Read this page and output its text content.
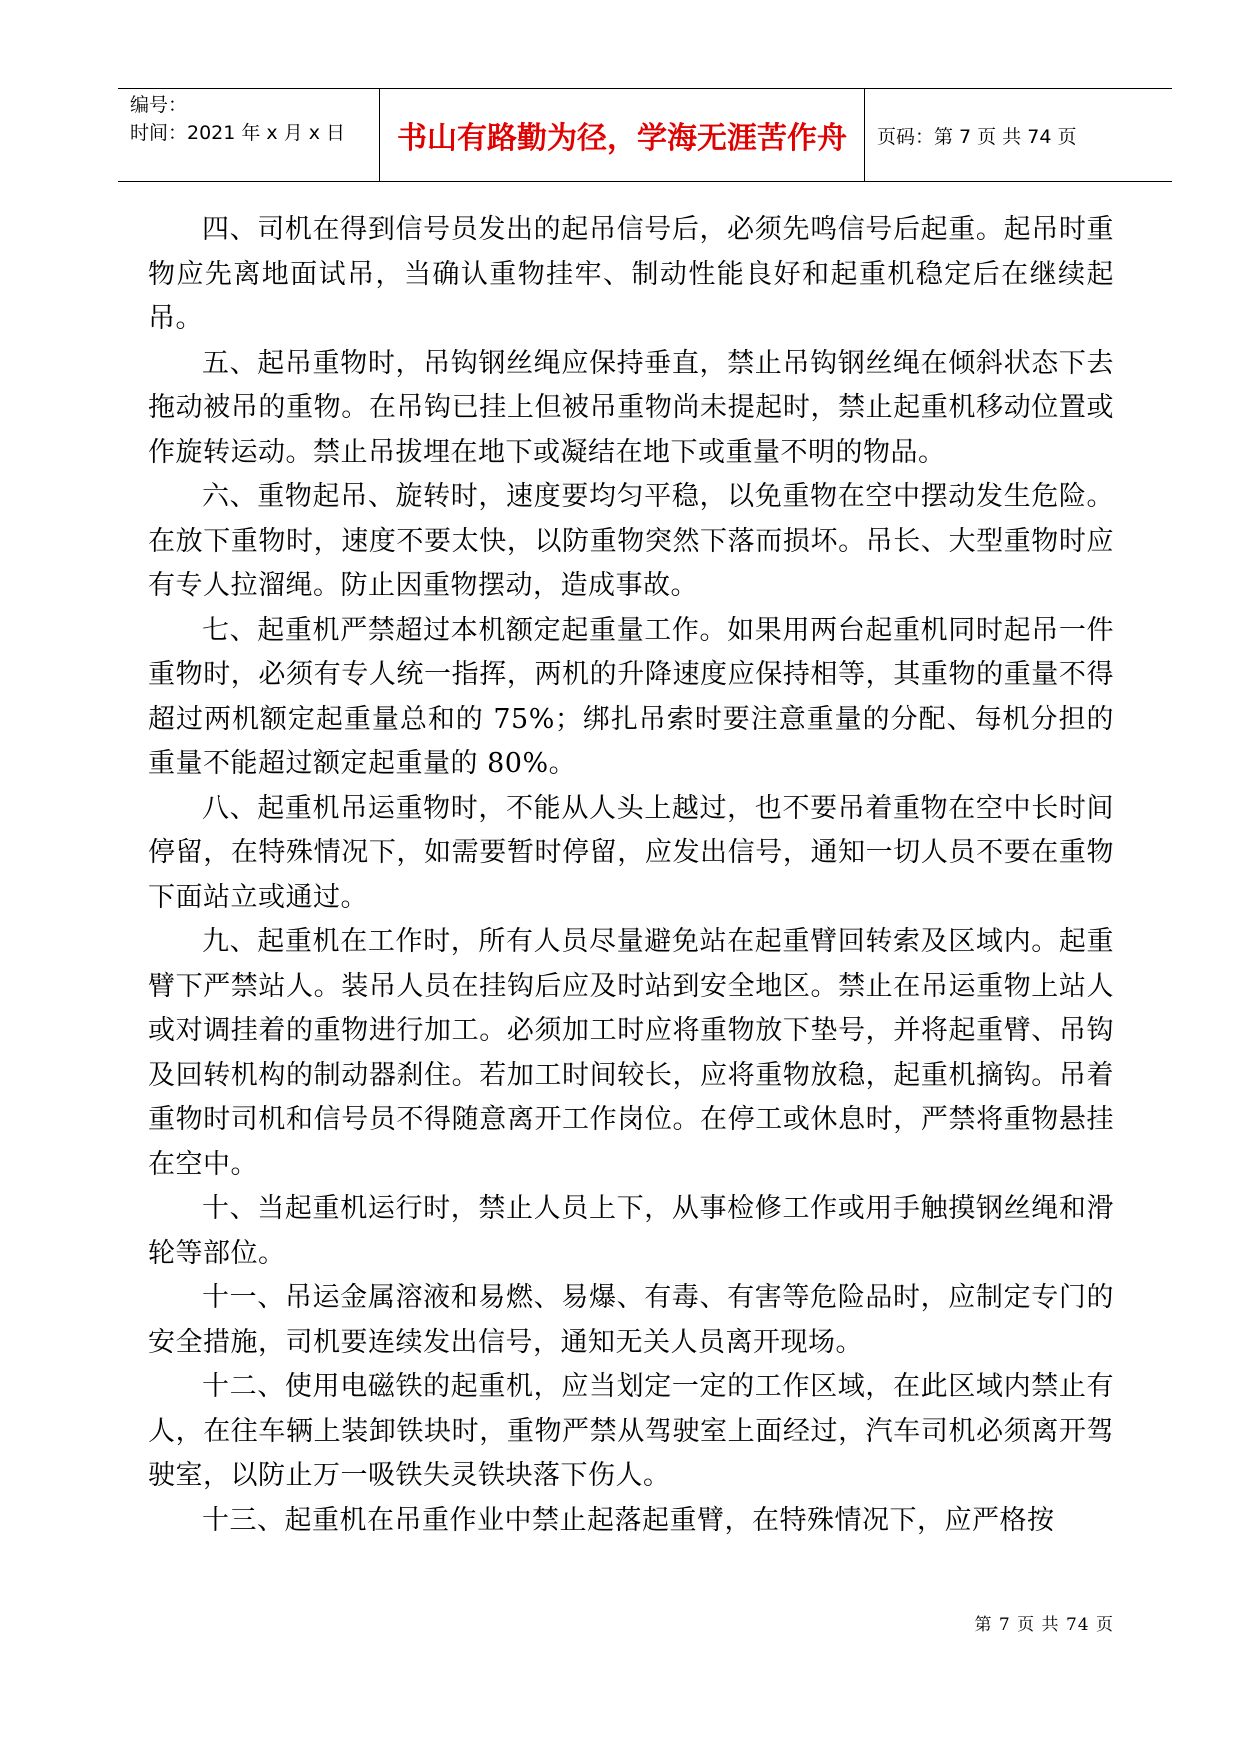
编号：
时间：2021 年 x 月 x 日	书山有路勤为径，学海无涯苦作舟	页码：第 7 页 共 74 页

四、司机在得到信号员发出的起吊信号后，必须先鸣信号后起重。起吊时重物应先离地面试吊，当确认重物挂牢、制动性能良好和起重机稳定后在继续起吊。

五、起吊重物时，吊钩钢丝绳应保持垂直，禁止吊钩钢丝绳在倾斜状态下去拖动被吊的重物。在吊钩已挂上但被吊重物尚未提起时，禁止起重机移动位置或作旋转运动。禁止吊拔埋在地下或凝结在地下或重量不明的物品。

六、重物起吊、旋转时，速度要均匀平稳，以免重物在空中摆动发生危险。在放下重物时，速度不要太快，以防重物突然下落而损坏。吊长、大型重物时应有专人拉溜绳。防止因重物摆动，造成事故。

七、起重机严禁超过本机额定起重量工作。如果用两台起重机同时起吊一件重物时，必须有专人统一指挥，两机的升降速度应保持相等，其重物的重量不得超过两机额定起重量总和的 75%；绑扎吊索时要注意重量的分配、每机分担的重量不能超过额定起重量的 80%。

八、起重机吊运重物时，不能从人头上越过，也不要吊着重物在空中长时间停留，在特殊情况下，如需要暂时停留，应发出信号，通知一切人员不要在重物下面站立或通过。

九、起重机在工作时，所有人员尽量避免站在起重臂回转索及区域内。起重臂下严禁站人。装吊人员在挂钩后应及时站到安全地区。禁止在吊运重物上站人或对调挂着的重物进行加工。必须加工时应将重物放下垫号，并将起重臂、吊钩及回转机构的制动器刹住。若加工时间较长，应将重物放稳，起重机摘钩。吊着重物时司机和信号员不得随意离开工作岗位。在停工或休息时，严禁将重物悬挂在空中。

十、当起重机运行时，禁止人员上下，从事检修工作或用手触摸钢丝绳和滑轮等部位。

十一、吊运金属溶液和易燃、易爆、有毒、有害等危险品时，应制定专门的安全措施，司机要连续发出信号，通知无关人员离开现场。

十二、使用电磁铁的起重机，应当划定一定的工作区域，在此区域内禁止有人，在往车辆上装卸铁块时，重物严禁从驾驶室上面经过，汽车司机必须离开驾驶室，以防止万一吸铁失灵铁块落下伤人。

十三、起重机在吊重作业中禁止起落起重臂，在特殊情况下，应严格按

第 7 页 共 74 页
